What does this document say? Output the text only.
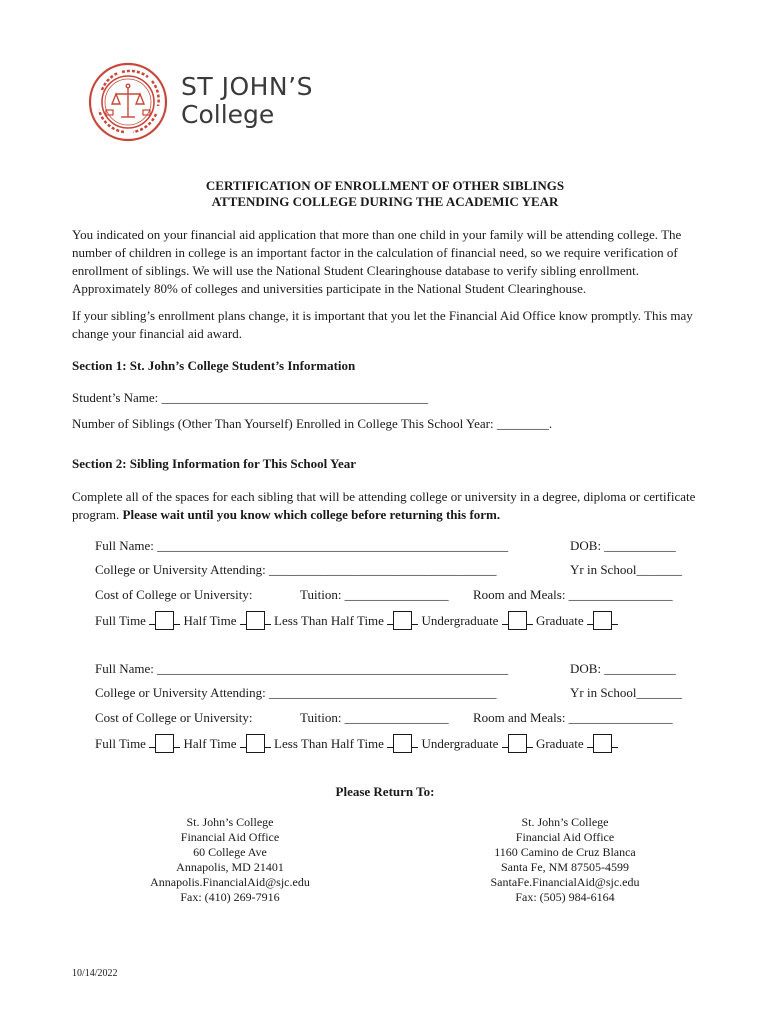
ST JOHN’S
College
CERTIFICATION OF ENROLLMENT OF OTHER SIBLINGS
ATTENDING COLLEGE DURING THE ACADEMIC YEAR
You indicated on your financial aid application that more than one child in your family will be attending college. The number of children in college is an important factor in the calculation of financial need, so we require verification of enrollment of siblings. We will use the National Student Clearinghouse database to verify sibling enrollment. Approximately 80% of colleges and universities participate in the National Student Clearinghouse.
If your sibling’s enrollment plans change, it is important that you let the Financial Aid Office know promptly. This may change your financial aid award.
Section 1: St. John’s College Student’s Information
Student’s Name: _________________________________________
Number of Siblings (Other Than Yourself) Enrolled in College This School Year: ________.
Section 2: Sibling Information for This School Year
Complete all of the spaces for each sibling that will be attending college or university in a degree, diploma or certificate program. Please wait until you know which college before returning this form.
Full Name: ______________________________________________________	DOB: ___________
College or University Attending: ___________________________________	Yr in School_______
Cost of College or University:	Tuition: ________________ Room and Meals: ________________
Full Time	Half Time	Less Than Half Time	Undergraduate	Graduate
Full Name: ______________________________________________________	DOB: ___________
College or University Attending: ___________________________________	Yr in School_______
Cost of College or University:	Tuition: ________________ Room and Meals: ________________
Full Time	Half Time	Less Than Half Time	Undergraduate	Graduate
Please Return To:
St. John’s College
Financial Aid Office
60 College Ave
Annapolis, MD 21401
Annapolis.FinancialAid@sjc.edu
Fax: (410) 269-7916
St. John’s College
Financial Aid Office
1160 Camino de Cruz Blanca
Santa Fe, NM 87505-4599
SantaFe.FinancialAid@sjc.edu
Fax: (505) 984-6164
10/14/2022
